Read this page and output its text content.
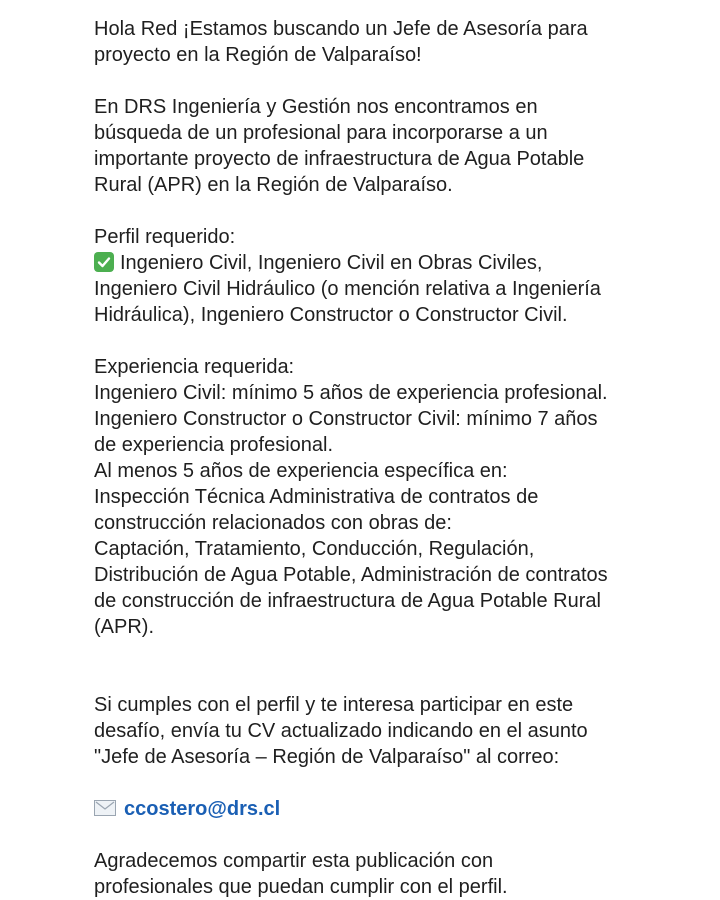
Hola Red ¡Estamos buscando un Jefe de Asesoría para
proyecto en la Región de Valparaíso!

En DRS Ingeniería y Gestión nos encontramos en
búsqueda de un profesional para incorporarse a un
importante proyecto de infraestructura de Agua Potable
Rural (APR) en la Región de Valparaíso.

Perfil requerido:
Ingeniero Civil, Ingeniero Civil en Obras Civiles,
Ingeniero Civil Hidráulico (o mención relativa a Ingeniería
Hidráulica), Ingeniero Constructor o Constructor Civil.

Experiencia requerida:
Ingeniero Civil: mínimo 5 años de experiencia profesional.
Ingeniero Constructor o Constructor Civil: mínimo 7 años
de experiencia profesional.
Al menos 5 años de experiencia específica en:
Inspección Técnica Administrativa de contratos de
construcción relacionados con obras de:
Captación, Tratamiento, Conducción, Regulación,
Distribución de Agua Potable, Administración de contratos
de construcción de infraestructura de Agua Potable Rural
(APR).

Si cumples con el perfil y te interesa participar en este
desafío, envía tu CV actualizado indicando en el asunto
"Jefe de Asesoría – Región de Valparaíso" al correo:

ccostero@drs.cl

Agradecemos compartir esta publicación con
profesionales que puedan cumplir con el perfil.
